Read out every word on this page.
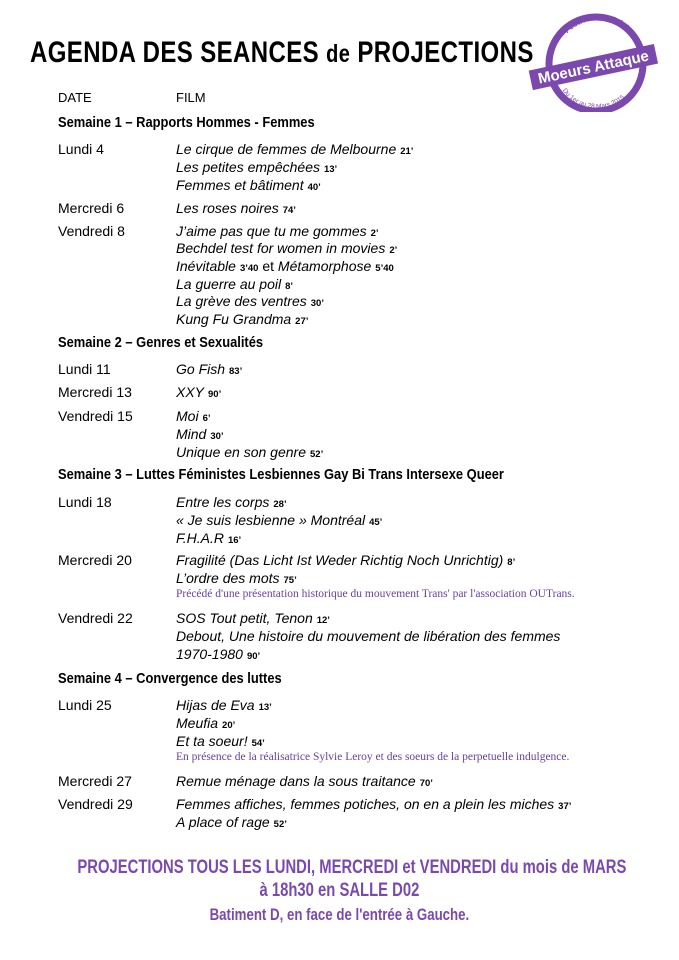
AGENDA DES SEANCES de PROJECTIONS
Festival Féministe
Moeurs Attaque
Du 1er au 28 Mars 2015
DATE	FILM
Semaine 1 – Rapports Hommes - Femmes
Lundi 4	Le cirque de femmes de Melbourne 21’
Les petites empêchées 13’
Femmes et bâtiment 40’
Mercredi 6	Les roses noires 74’
Vendredi 8	J’aime pas que tu me gommes 2’
Bechdel test for women in movies 2’
Inévitable 3’40 et Métamorphose 5’40
La guerre au poil 8’
La grève des ventres 30’
Kung Fu Grandma 27’
Semaine 2 – Genres et Sexualités
Lundi 11	Go Fish 83’
Mercredi 13	XXY 90’
Vendredi 15	Moi 6’
Mind 30’
Unique en son genre 52’
Semaine 3 – Luttes Féministes Lesbiennes Gay Bi Trans Intersexe Queer
Lundi 18	Entre les corps 28’
« Je suis lesbienne » Montréal 45’
F.H.A.R 16’
Mercredi 20	Fragilité (Das Licht Ist Weder Richtig Noch Unrichtig) 8’
L’ordre des mots 75’
Précédé d'une présentation historique du mouvement Trans' par l'association OUTrans.
Vendredi 22	SOS Tout petit, Tenon 12’
Debout, Une histoire du mouvement de libération des femmes
1970-1980 90’
Semaine 4 – Convergence des luttes
Lundi 25	Hijas de Eva 13’
Meufia 20’
Et ta soeur! 54’
En présence de la réalisatrice Sylvie Leroy et des soeurs de la perpetuelle indulgence.
Mercredi 27	Remue ménage dans la sous traitance 70’
Vendredi 29	Femmes affiches, femmes potiches, on en a plein les miches 37’
A place of rage 52’
PROJECTIONS TOUS LES LUNDI, MERCREDI et VENDREDI du mois de MARS
à 18h30 en SALLE D02
Batiment D, en face de l'entrée à Gauche.
